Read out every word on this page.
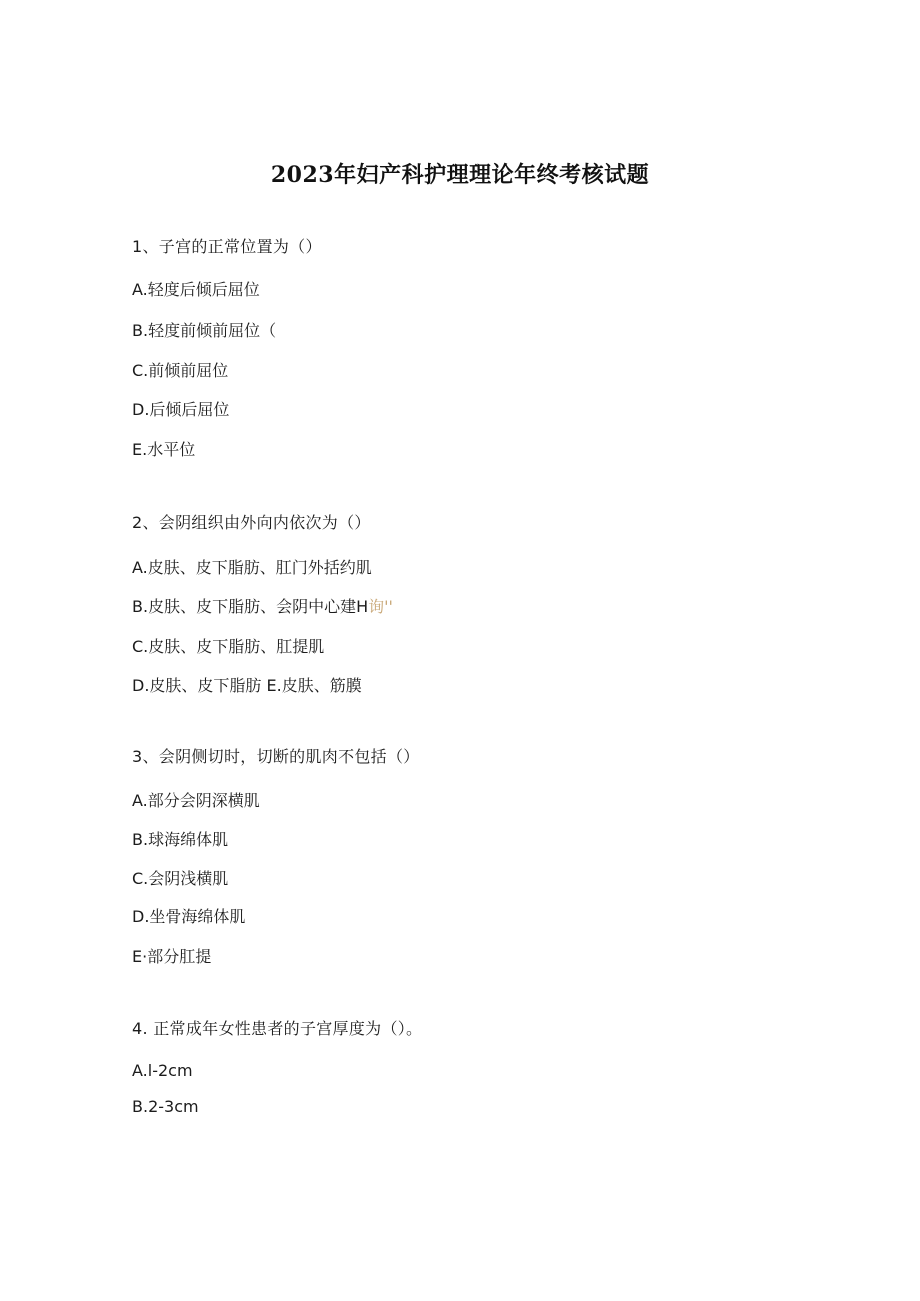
2023年妇产科护理理论年终考核试题
1、子宫的正常位置为（）
A.轻度后倾后屈位
B.轻度前倾前屈位（
C.前倾前屈位
D.后倾后屈位
E.水平位
2、会阴组织由外向内依次为（）
A.皮肤、皮下脂肪、肛门外括约肌
B.皮肤、皮下脂肪、会阴中心建H询''
C.皮肤、皮下脂肪、肛提肌
D.皮肤、皮下脂肪 E.皮肤、筋膜
3、会阴侧切时，切断的肌肉不包括（）
A.部分会阴深横肌
B.球海绵体肌
C.会阴浅横肌
D.坐骨海绵体肌
E·部分肛提
4. 正常成年女性患者的子宫厚度为（）。
A.l-2cm
B.2-3cm
